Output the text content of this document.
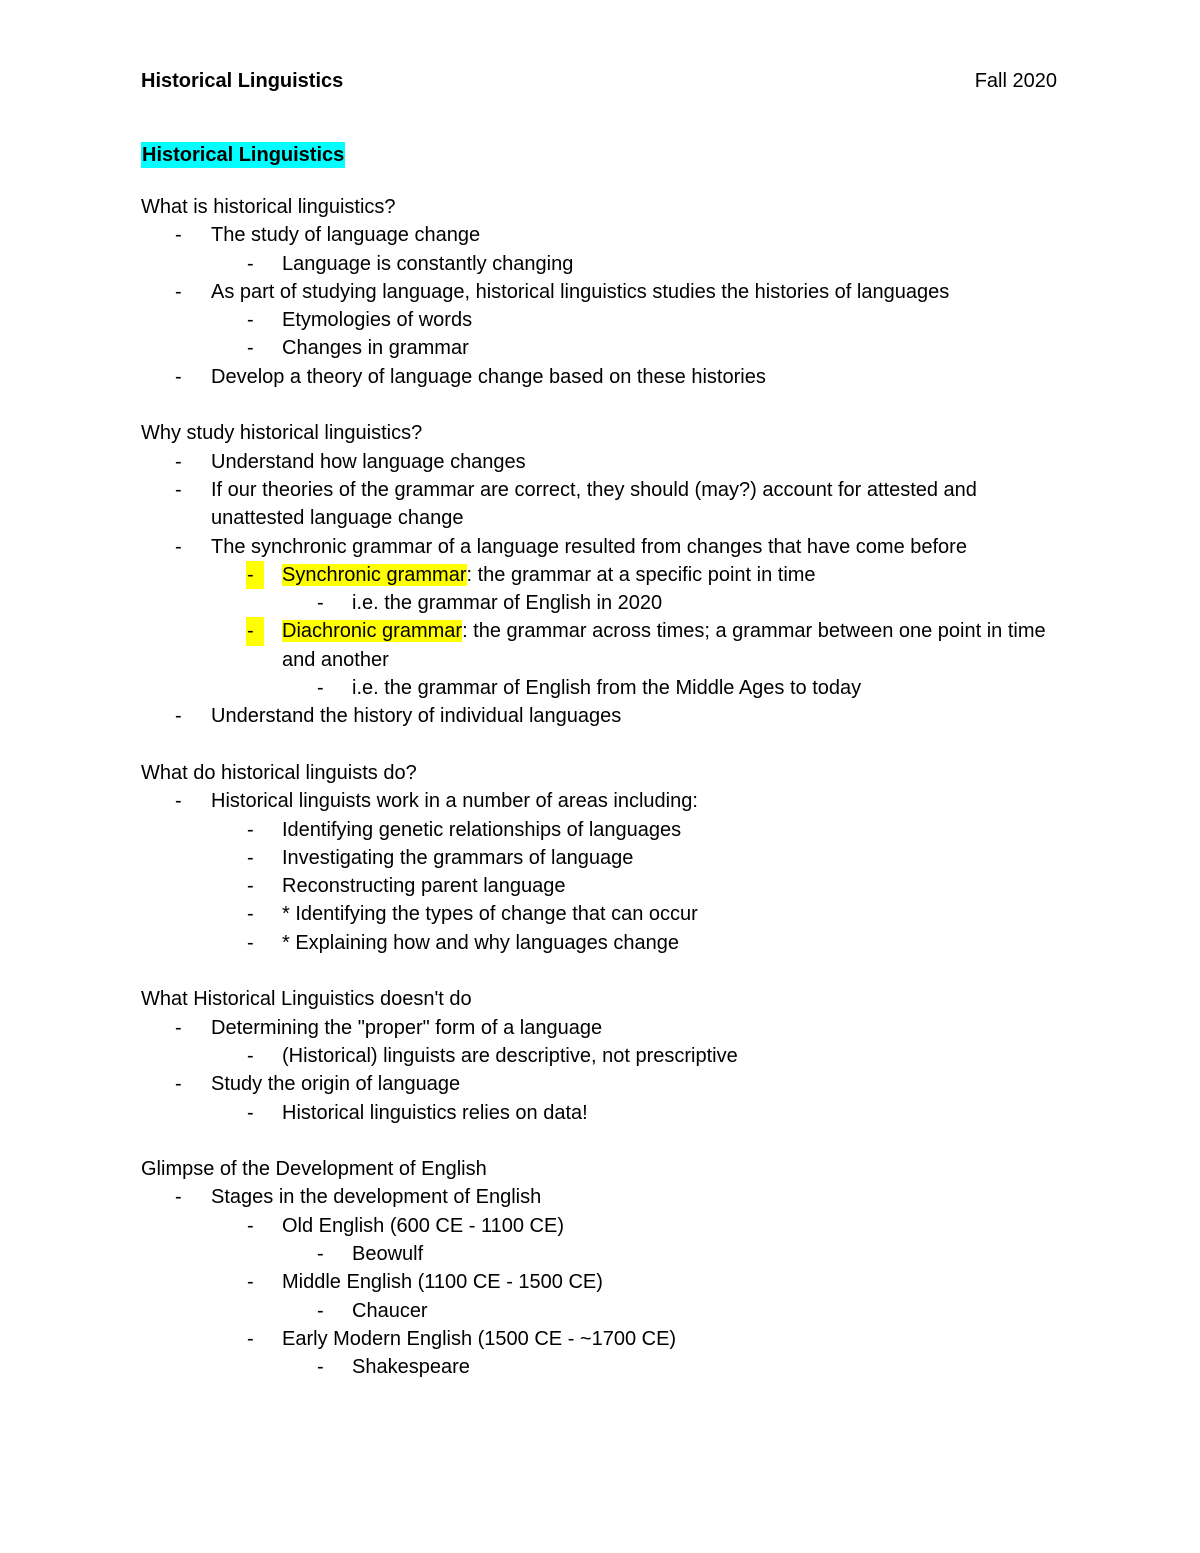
Historical Linguistics	Fall 2020
Historical Linguistics
What is historical linguistics?
- The study of language change
- Language is constantly changing
- As part of studying language, historical linguistics studies the histories of languages
- Etymologies of words
- Changes in grammar
- Develop a theory of language change based on these histories
Why study historical linguistics?
- Understand how language changes
- If our theories of the grammar are correct, they should (may?) account for attested and unattested language change
- The synchronic grammar of a language resulted from changes that have come before
-	Synchronic grammar: the grammar at a specific point in time
- i.e. the grammar of English in 2020
-	Diachronic grammar: the grammar across times; a grammar between one point in time and another
- i.e. the grammar of English from the Middle Ages to today
- Understand the history of individual languages
What do historical linguists do?
- Historical linguists work in a number of areas including:
- Identifying genetic relationships of languages
- Investigating the grammars of language
- Reconstructing parent language
- * Identifying the types of change that can occur
- * Explaining how and why languages change
What Historical Linguistics doesn't do
- Determining the "proper" form of a language
- (Historical) linguists are descriptive, not prescriptive
- Study the origin of language
- Historical linguistics relies on data!
Glimpse of the Development of English
- Stages in the development of English
- Old English (600 CE - 1100 CE)
- Beowulf
- Middle English (1100 CE - 1500 CE)
- Chaucer
- Early Modern English (1500 CE - ~1700 CE)
- Shakespeare
